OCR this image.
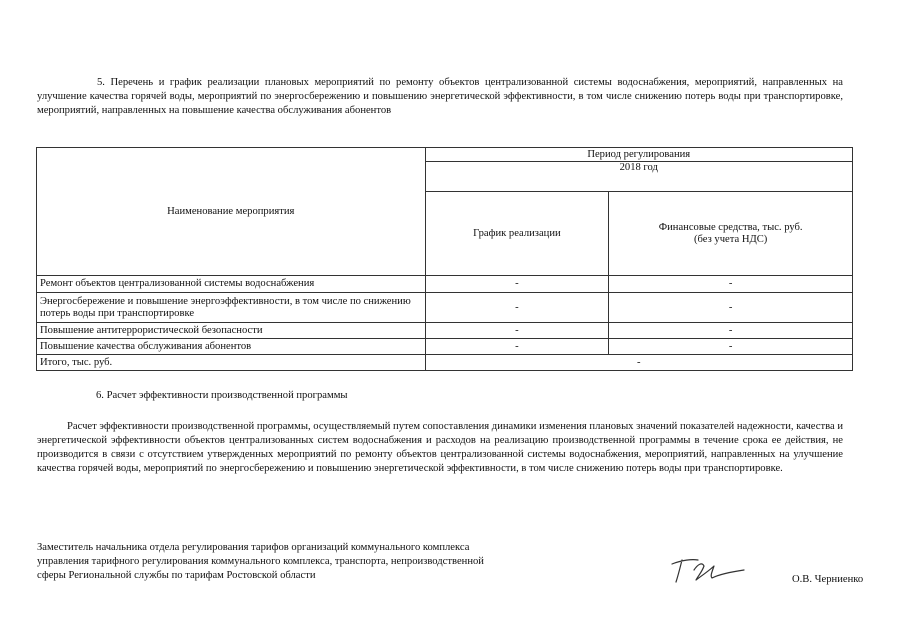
5. Перечень и график реализации плановых мероприятий по ремонту объектов централизованной системы водоснабжения, мероприятий, направленных на улучшение качества горячей воды, мероприятий по энергосбережению и повышению энергетической эффективности, в том числе снижению потерь воды при транспортировке, мероприятий, направленных на повышение качества обслуживания абонентов
Наименование мероприятия	Период регулирования	
	2018 год	
	График реализации	Финансовые средства, тыс. руб.
(без учета НДС)

Ремонт объектов централизованной системы водоснабжения	-	-
Энергосбережение и повышение энергоэффективности, в том числе по снижению потерь воды при транспортировке	-	-
Повышение антитеррористической безопасности	-	-
Повышение качества обслуживания абонентов	-	-
Итого, тыс. руб.	-	
6. Расчет эффективности производственной программы
Расчет эффективности производственной программы, осуществляемый путем сопоставления динамики изменения плановых значений показателей надежности, качества и энергетической эффективности объектов централизованных систем водоснабжения и расходов на реализацию производственной программы в течение срока ее действия, не производится в связи с отсутствием утвержденных мероприятий по ремонту объектов централизованной системы водоснабжения, мероприятий, направленных на улучшение качества горячей воды, мероприятий по энергосбережению и повышению энергетической эффективности, в том числе снижению потерь воды при транспортировке.
Заместитель начальника отдела регулирования тарифов организаций коммунального комплекса
управления тарифного регулирования коммунального комплекса, транспорта, непроизводственной
сферы Региональной службы по тарифам Ростовской области	О.В. Черниенко
